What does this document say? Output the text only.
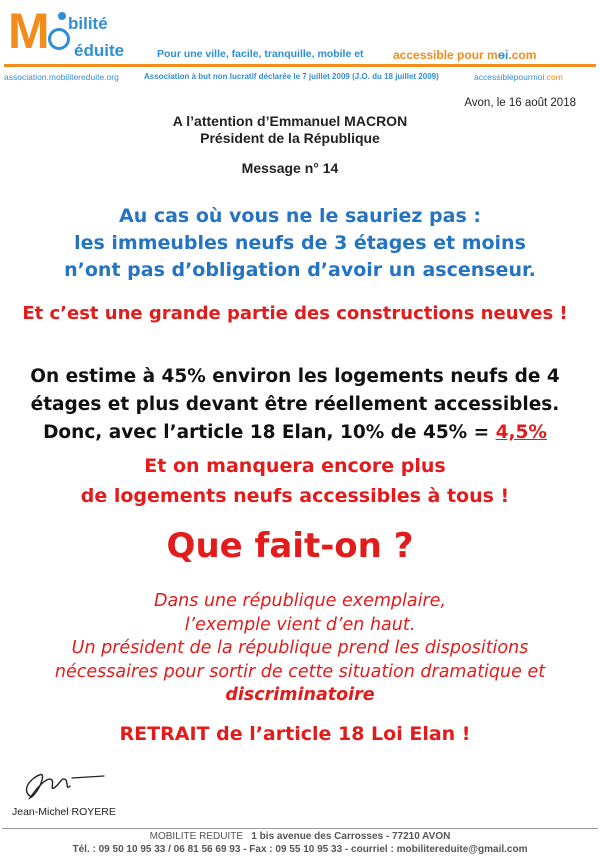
M bilité
éduite	Pour une ville, facile, tranquille, mobile et accessible pour mɵi.com
association.mobilitereduite.org	Association à but non lucratif déclarée le 7 juillet 2009 (J.O. du 18 juillet 2009)	accessiblepourmoi.com
Avon, le 16 août 2018
A l’attention d’Emmanuel MACRON
Président de la République
Message n° 14
Au cas où vous ne le sauriez pas :
les immeubles neufs de 3 étages et moins
n’ont pas d’obligation d’avoir un ascenseur.
Et c’est une grande partie des constructions neuves !
On estime à 45% environ les logements neufs de 4
étages et plus devant être réellement accessibles.
Donc, avec l’article 18 Elan, 10% de 45% = 4,5%
Et on manquera encore plus
de logements neufs accessibles à tous !
Que fait-on ?
Dans une république exemplaire,
l’exemple vient d’en haut.
Un président de la république prend les dispositions
nécessaires pour sortir de cette situation dramatique et
discriminatoire
RETRAIT de l’article 18 Loi Elan !
Jean-Michel ROYERE
MOBILITE REDUITE 1 bis avenue des Carrosses - 77210 AVON
Tél. : 09 50 10 95 33 / 06 81 56 69 93 - Fax : 09 55 10 95 33 - courriel : mobilitereduite@gmail.com
